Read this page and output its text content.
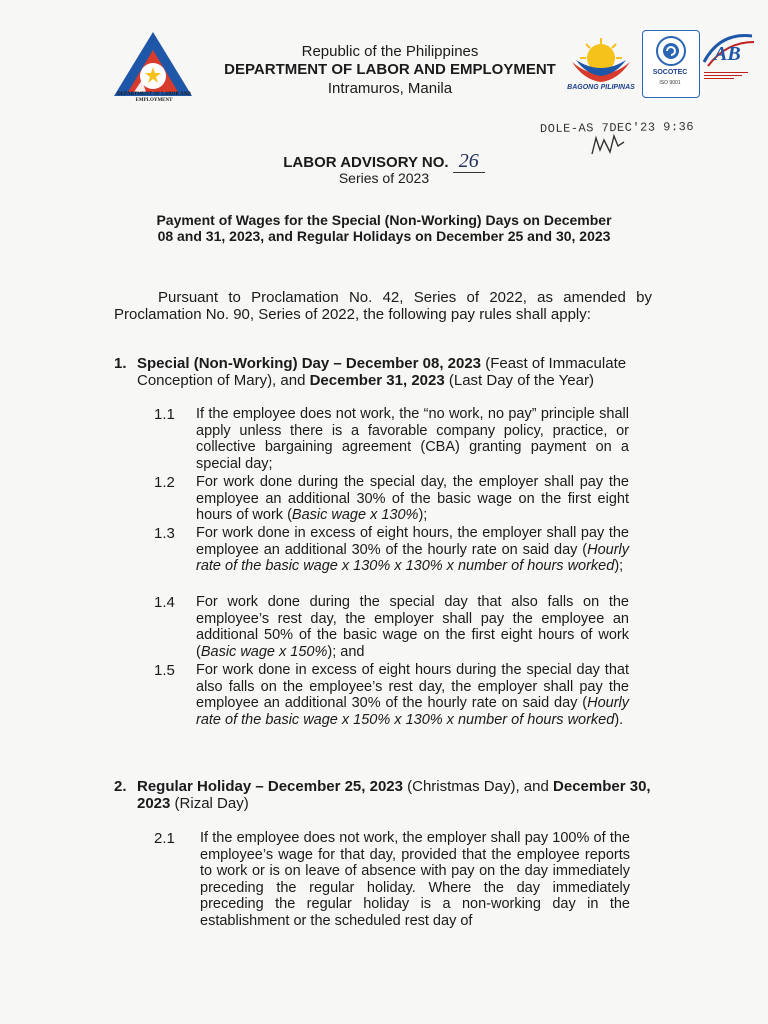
DEPARTMENT OF LABOR AND EMPLOYMENT
Republic of the Philippines
DEPARTMENT OF LABOR AND EMPLOYMENT
Intramuros, Manila	BAGONG PILIPINAS
SOCOTEC
ISO 9001
AB
DOLE-AS 7DEC'23 9:36
LABOR ADVISORY NO. 26
Series of 2023
Payment of Wages for the Special (Non-Working) Days on December 08 and 31, 2023, and Regular Holidays on December 25 and 30, 2023
Pursuant to Proclamation No. 42, Series of 2022, as amended by Proclamation No. 90, Series of 2022, the following pay rules shall apply:
1. Special (Non-Working) Day – December 08, 2023 (Feast of Immaculate Conception of Mary), and December 31, 2023 (Last Day of the Year)
1.1	If the employee does not work, the “no work, no pay” principle shall apply unless there is a favorable company policy, practice, or collective bargaining agreement (CBA) granting payment on a special day;
1.2	For work done during the special day, the employer shall pay the employee an additional 30% of the basic wage on the first eight hours of work (Basic wage x 130%);
1.3	For work done in excess of eight hours, the employer shall pay the employee an additional 30% of the hourly rate on said day (Hourly rate of the basic wage x 130% x 130% x number of hours worked);
1.4	For work done during the special day that also falls on the employee’s rest day, the employer shall pay the employee an additional 50% of the basic wage on the first eight hours of work (Basic wage x 150%); and
1.5	For work done in excess of eight hours during the special day that also falls on the employee’s rest day, the employer shall pay the employee an additional 30% of the hourly rate on said day (Hourly rate of the basic wage x 150% x 130% x number of hours worked).
2. Regular Holiday – December 25, 2023 (Christmas Day), and December 30, 2023 (Rizal Day)
2.1	If the employee does not work, the employer shall pay 100% of the employee’s wage for that day, provided that the employee reports to work or is on leave of absence with pay on the day immediately preceding the regular holiday. Where the day immediately preceding the regular holiday is a non-working day in the establishment or the scheduled rest day of
